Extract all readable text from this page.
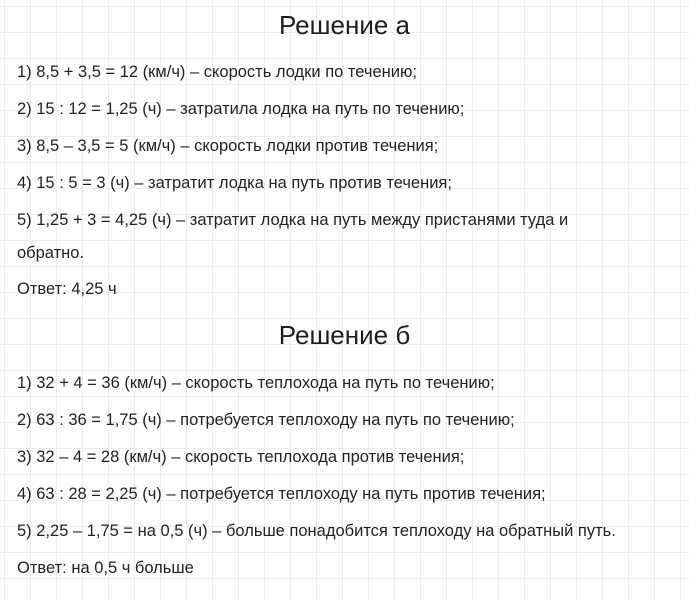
Решение а
1) 8,5 + 3,5 = 12 (км/ч) – скорость лодки по течению;
2) 15 : 12 = 1,25 (ч) – затратила лодка на путь по течению;
3) 8,5 – 3,5 = 5 (км/ч) – скорость лодки против течения;
4) 15 : 5 = 3 (ч) – затратит лодка на путь против течения;
5) 1,25 + 3 = 4,25 (ч) – затратит лодка на путь между пристанями туда и
обратно.
Ответ: 4,25 ч
Решение б
1) 32 + 4 = 36 (км/ч) – скорость теплохода на путь по течению;
2) 63 : 36 = 1,75 (ч) – потребуется теплоходу на путь по течению;
3) 32 – 4 = 28 (км/ч) – скорость теплохода против течения;
4) 63 : 28 = 2,25 (ч) – потребуется теплоходу на путь против течения;
5) 2,25 – 1,75 = на 0,5 (ч) – больше понадобится теплоходу на обратный путь.
Ответ: на 0,5 ч больше
